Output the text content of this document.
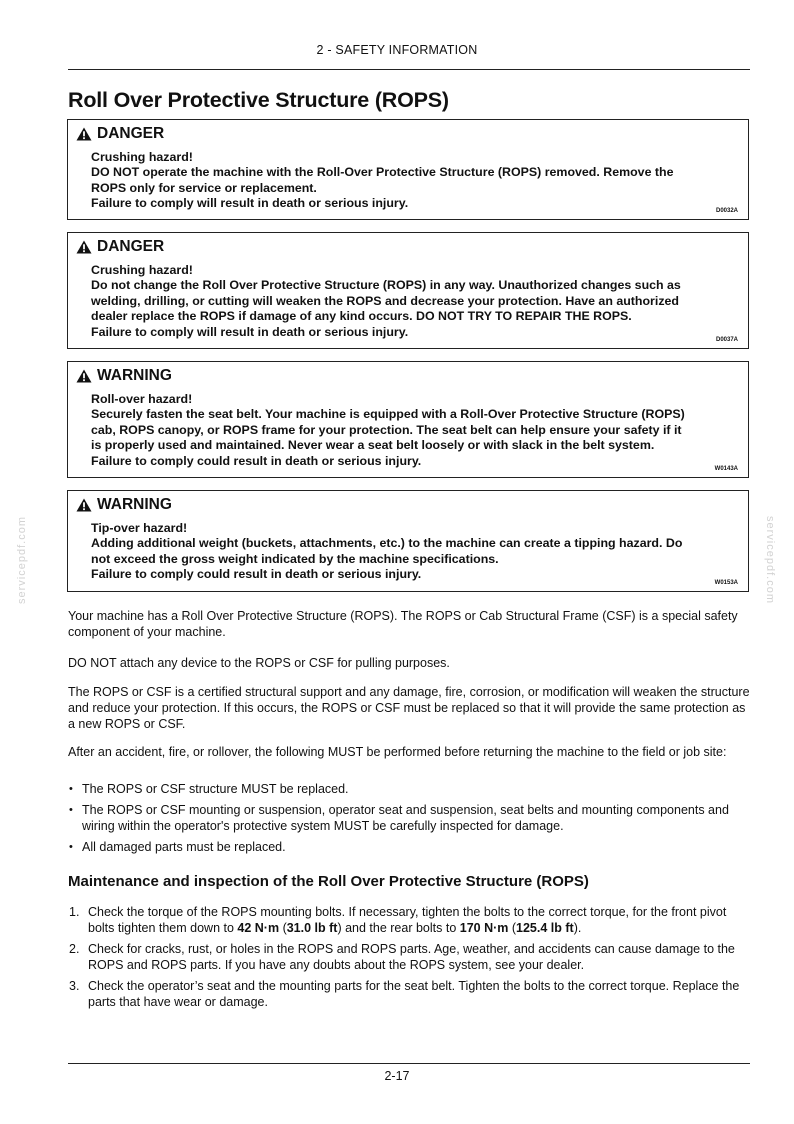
2 - SAFETY INFORMATION
Roll Over Protective Structure (ROPS)
DANGER
Crushing hazard!
DO NOT operate the machine with the Roll-Over Protective Structure (ROPS) removed. Remove the
ROPS only for service or replacement.
Failure to comply will result in death or serious injury.
D0032A
DANGER
Crushing hazard!
Do not change the Roll Over Protective Structure (ROPS) in any way. Unauthorized changes such as
welding, drilling, or cutting will weaken the ROPS and decrease your protection. Have an authorized
dealer replace the ROPS if damage of any kind occurs. DO NOT TRY TO REPAIR THE ROPS.
Failure to comply will result in death or serious injury.
D0037A
WARNING
Roll-over hazard!
Securely fasten the seat belt. Your machine is equipped with a Roll-Over Protective Structure (ROPS)
cab, ROPS canopy, or ROPS frame for your protection. The seat belt can help ensure your safety if it
is properly used and maintained. Never wear a seat belt loosely or with slack in the belt system.
Failure to comply could result in death or serious injury.
W0143A
WARNING
Tip-over hazard!
Adding additional weight (buckets, attachments, etc.) to the machine can create a tipping hazard. Do
not exceed the gross weight indicated by the machine specifications.
Failure to comply could result in death or serious injury.
W0153A

Your machine has a Roll Over Protective Structure (ROPS). The ROPS or Cab Structural Frame (CSF) is a special safety component of your machine.

DO NOT attach any device to the ROPS or CSF for pulling purposes.

The ROPS or CSF is a certified structural support and any damage, fire, corrosion, or modification will weaken the structure and reduce your protection. If this occurs, the ROPS or CSF must be replaced so that it will provide the same protection as a new ROPS or CSF.

After an accident, fire, or rollover, the following MUST be performed before returning the machine to the field or job site:

• The ROPS or CSF structure MUST be replaced.
• The ROPS or CSF mounting or suspension, operator seat and suspension, seat belts and mounting components and wiring within the operator's protective system MUST be carefully inspected for damage.
• All damaged parts must be replaced.
Maintenance and inspection of the Roll Over Protective Structure (ROPS)
1. Check the torque of the ROPS mounting bolts. If necessary, tighten the bolts to the correct torque, for the front pivot bolts tighten them down to 42 N·m (31.0 lb ft) and the rear bolts to 170 N·m (125.4 lb ft).
2. Check for cracks, rust, or holes in the ROPS and ROPS parts. Age, weather, and accidents can cause damage to the ROPS and ROPS parts. If you have any doubts about the ROPS system, see your dealer.
3. Check the operator’s seat and the mounting parts for the seat belt. Tighten the bolts to the correct torque. Replace the parts that have wear or damage.
servicepdf.com	servicepdf.com
2-17
